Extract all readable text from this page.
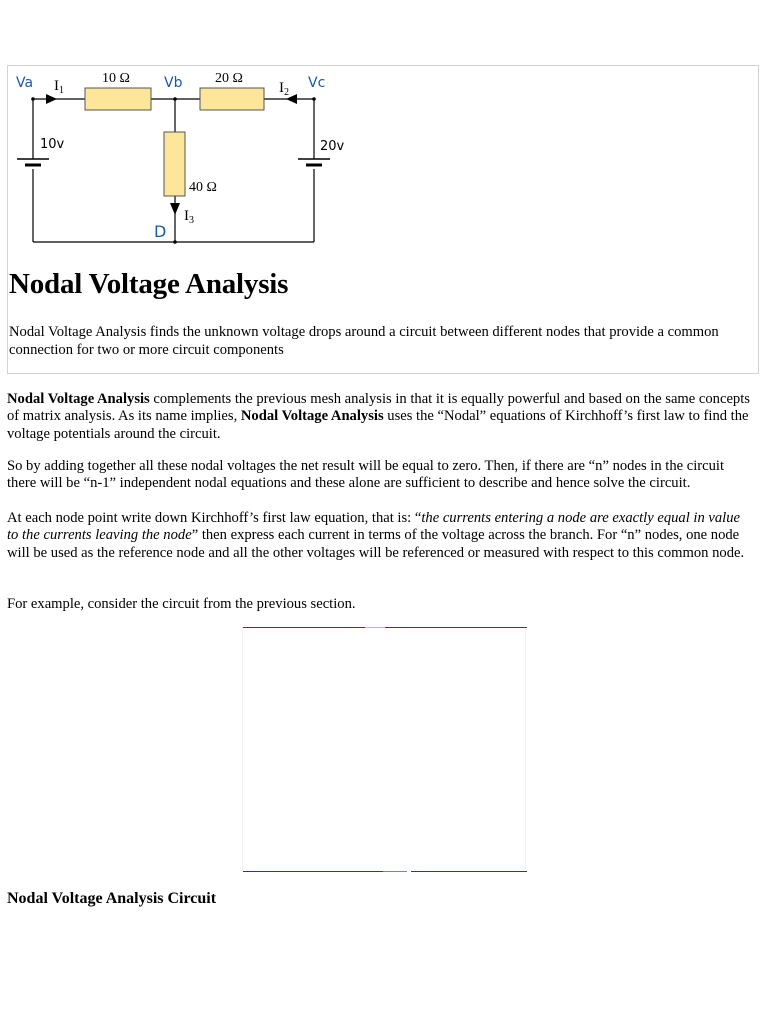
Va	Vb	Vc
D
10 Ω	20 Ω
40 Ω
$I_1$	$I_2$
$I_3$
10v	20v
Nodal Voltage Analysis

Nodal Voltage Analysis finds the unknown voltage drops around a circuit between different nodes that provide a common connection for two or more circuit components

Nodal Voltage Analysis complements the previous mesh analysis in that it is equally powerful and based on the same concepts of matrix analysis. As its name implies, Nodal Voltage Analysis uses the “Nodal” equations of Kirchhoff’s first law to find the voltage potentials around the circuit.

So by adding together all these nodal voltages the net result will be equal to zero. Then, if there are “n” nodes in the circuit there will be “n-1” independent nodal equations and these alone are sufficient to describe and hence solve the circuit.

At each node point write down Kirchhoff’s first law equation, that is: “the currents entering a node are exactly equal in value to the currents leaving the node” then express each current in terms of the voltage across the branch. For “n” nodes, one node will be used as the reference node and all the other voltages will be referenced or measured with respect to this common node.

For example, consider the circuit from the previous section.

Nodal Voltage Analysis Circuit
